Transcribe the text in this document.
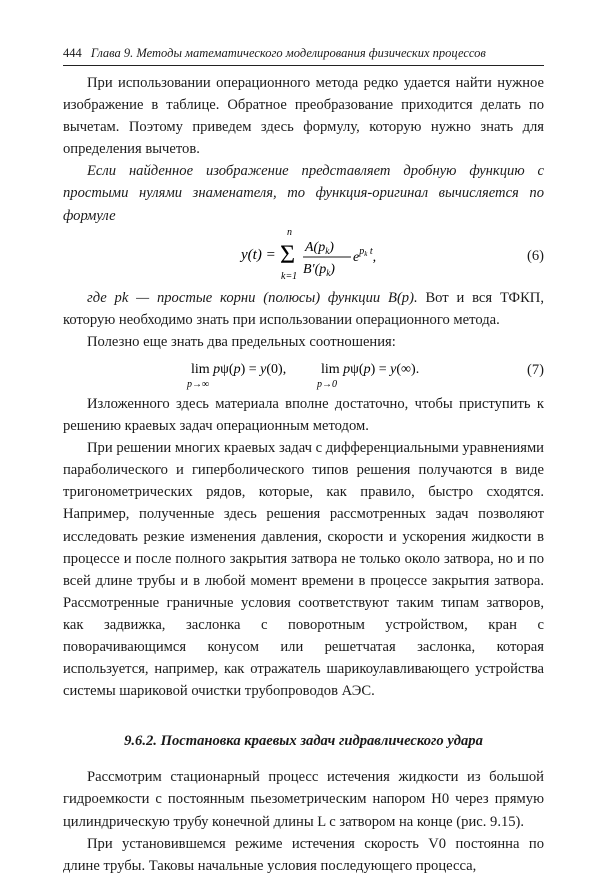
444 Глава 9. Методы математического моделирования физических процессов

При использовании операционного метода редко удается найти нужное изображение в таблице. Обратное преобразование приходится делать по вычетам. Поэтому приведем здесь формулу, которую нужно знать для определения вычетов.

Если найденное изображение представляет дробную функцию с простыми нулями знаменателя, то функция-оригинал вычисляется по формуле

y(t) =
n
Σ
k=1
$A(p_k)$
$B'(p_k)$
$e^pk$ t,	(6)

где pk — простые корни (полюсы) функции B(p). Вот и вся ТФКП, которую необходимо знать при использовании операционного метода.

Полезно еще знать два предельных соотношения:

lim pψ(p) = y(0),
p→∞
lim pψ(p) = y(∞).
p→0
(7)

Изложенного здесь материала вполне достаточно, чтобы приступить к решению краевых задач операционным методом.

При решении многих краевых задач с дифференциальными уравнениями параболического и гиперболического типов решения получаются в виде тригонометрических рядов, которые, как правило, быстро сходятся. Например, полученные здесь решения рассмотренных задач позволяют исследовать резкие изменения давления, скорости и ускорения жидкости в процессе и после полного закрытия затвора не только около затвора, но и по всей длине трубы и в любой момент времени в процессе закрытия затвора. Рассмотренные граничные условия соответствуют таким типам затворов, как задвижка, заслонка с поворотным устройством, кран с поворачивающимся конусом или решетчатая заслонка, которая используется, например, как отражатель шарикоулавливающего устройства системы шариковой очистки трубопроводов АЭС.

9.6.2. Постановка краевых задач гидравлического удара

Рассмотрим стационарный процесс истечения жидкости из большой гидроемкости с постоянным пьезометрическим напором H0 через прямую цилиндрическую трубу конечной длины L с затвором на конце (рис. 9.15).

При установившемся режиме истечения скорость V0 постоянна по длине трубы. Таковы начальные условия последующего процесса,
